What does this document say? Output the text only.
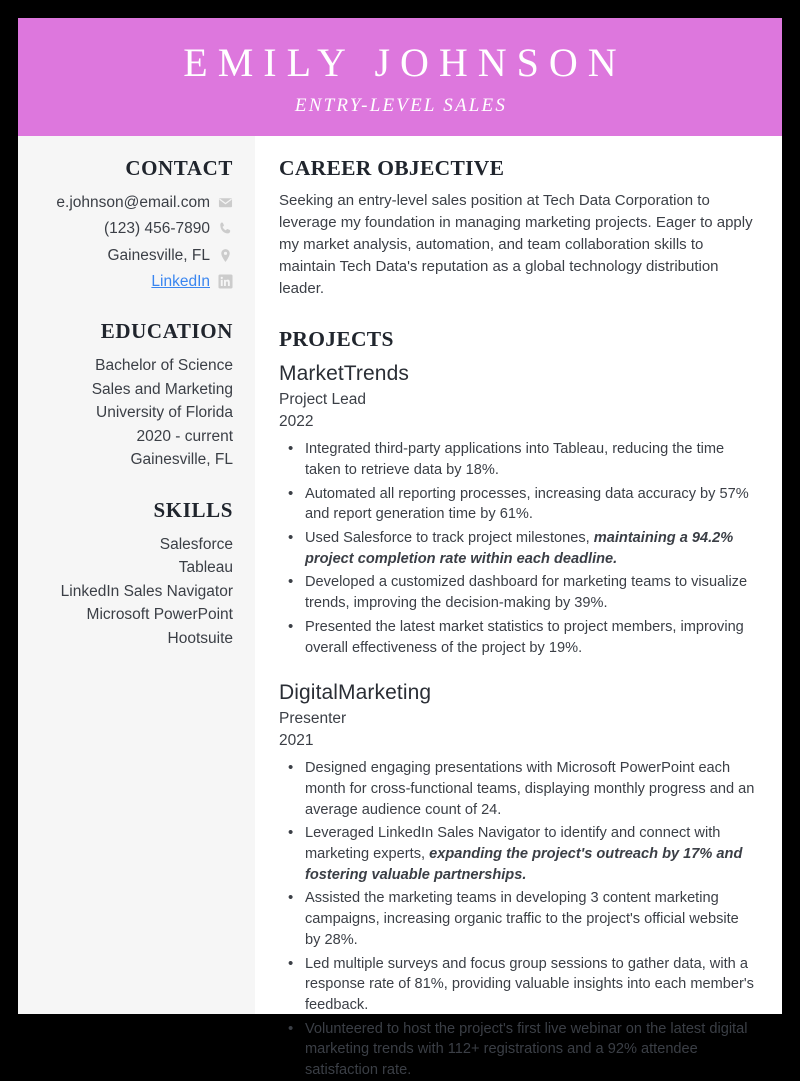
EMILY JOHNSON
ENTRY-LEVEL SALES
CONTACT
e.johnson@email.com
(123) 456-7890
Gainesville, FL
LinkedIn
EDUCATION
Bachelor of Science
Sales and Marketing
University of Florida
2020 - current
Gainesville, FL
SKILLS
Salesforce
Tableau
LinkedIn Sales Navigator
Microsoft PowerPoint
Hootsuite
CAREER OBJECTIVE

Seeking an entry-level sales position at Tech Data Corporation to leverage my foundation in managing marketing projects. Eager to apply my market analysis, automation, and team collaboration skills to maintain Tech Data's reputation as a global technology distribution leader.

PROJECTS
MarketTrends
Project Lead
2022
• Integrated third-party applications into Tableau, reducing the time taken to retrieve data by 18%.
• Automated all reporting processes, increasing data accuracy by 57% and report generation time by 61%.
• Used Salesforce to track project milestones, maintaining a 94.2% project completion rate within each deadline.
• Developed a customized dashboard for marketing teams to visualize trends, improving the decision-making by 39%.
• Presented the latest market statistics to project members, improving overall effectiveness of the project by 19%.
DigitalMarketing
Presenter
2021
• Designed engaging presentations with Microsoft PowerPoint each month for cross-functional teams, displaying monthly progress and an average audience count of 24.
• Leveraged LinkedIn Sales Navigator to identify and connect with marketing experts, expanding the project's outreach by 17% and fostering valuable partnerships.
• Assisted the marketing teams in developing 3 content marketing campaigns, increasing organic traffic to the project's official website by 28%.
• Led multiple surveys and focus group sessions to gather data, with a response rate of 81%, providing valuable insights into each member's feedback.
• Volunteered to host the project's first live webinar on the latest digital marketing trends with 112+ registrations and a 92% attendee satisfaction rate.
